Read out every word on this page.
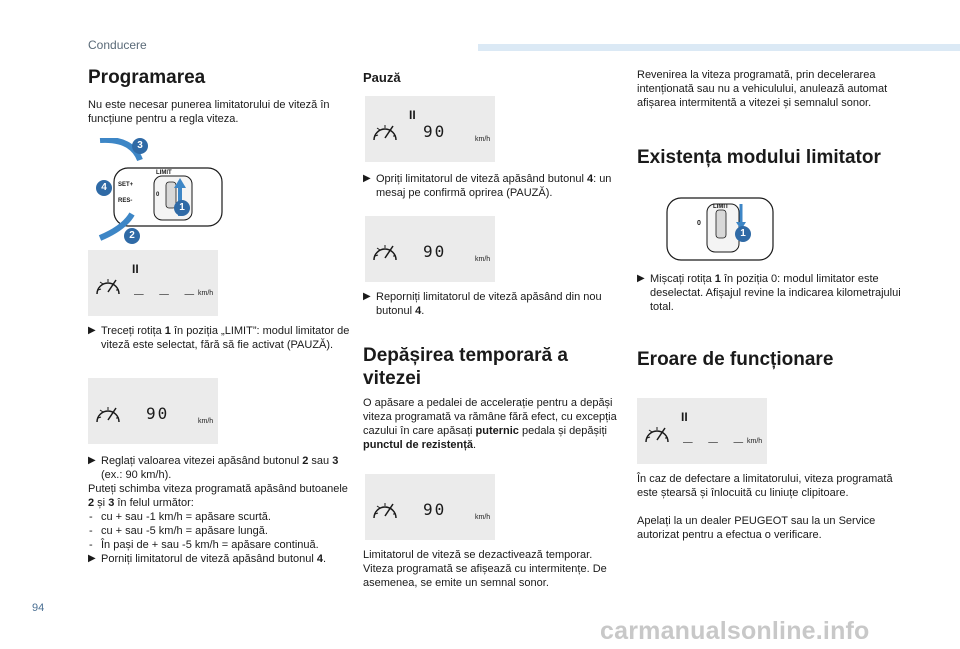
Conducere
Programarea

Nu este necesar punerea limitatorului de viteză în funcțiune pentru a regla viteza.

SET+
RES-
LIMIT
0
3
4
1
2
II
_ _ _ km/h
▶ Treceți rotița 1 în poziția „LIMIT”: modul limitator de viteză este selectat, fără să fie activat (PAUZĂ).
90	km/h
▶ Reglați valoarea vitezei apăsând butonul 2 sau 3 (ex.: 90 km/h).

Puteți schimba viteza programată apăsând butoanele 2 și 3 în felul următor:

- cu + sau -1 km/h = apăsare scurtă.
- cu + sau -5 km/h = apăsare lungă.
- În pași de + sau -5 km/h = apăsare continuă.
▶ Porniți limitatorul de viteză apăsând butonul 4.
Pauză
II
90	km/h
▶ Opriți limitatorul de viteză apăsând butonul 4: un mesaj pe confirmă oprirea (PAUZĂ).
90	km/h
▶ Reporniți limitatorul de viteză apăsând din nou butonul 4.
Depășirea temporară a vitezei

O apăsare a pedalei de accelerație pentru a depăși viteza programată va rămâne fără efect, cu excepția cazului în care apăsați puternic pedala și depășiți punctul de rezistență.

90	km/h

Limitatorul de viteză se dezactivează temporar. Viteza programată se afișează cu intermitențe. De asemenea, se emite un semnal sonor.

Revenirea la viteza programată, prin decelerarea intenționată sau nu a vehiculului, anulează automat afișarea intermitentă a vitezei și semnalul sonor.

Existența modului limitator
LIMIT
0
1
▶ Mișcați rotița 1 în poziția 0: modul limitator este deselectat. Afișajul revine la indicarea kilometrajului total.
Eroare de funcționare
II
_ _ _ km/h

În caz de defectare a limitatorului, viteza programată este ștearsă și înlocuită cu liniuțe clipitoare.

Apelați la un dealer PEUGEOT sau la un Service autorizat pentru a efectua o verificare.

94
carmanualsonline.info
